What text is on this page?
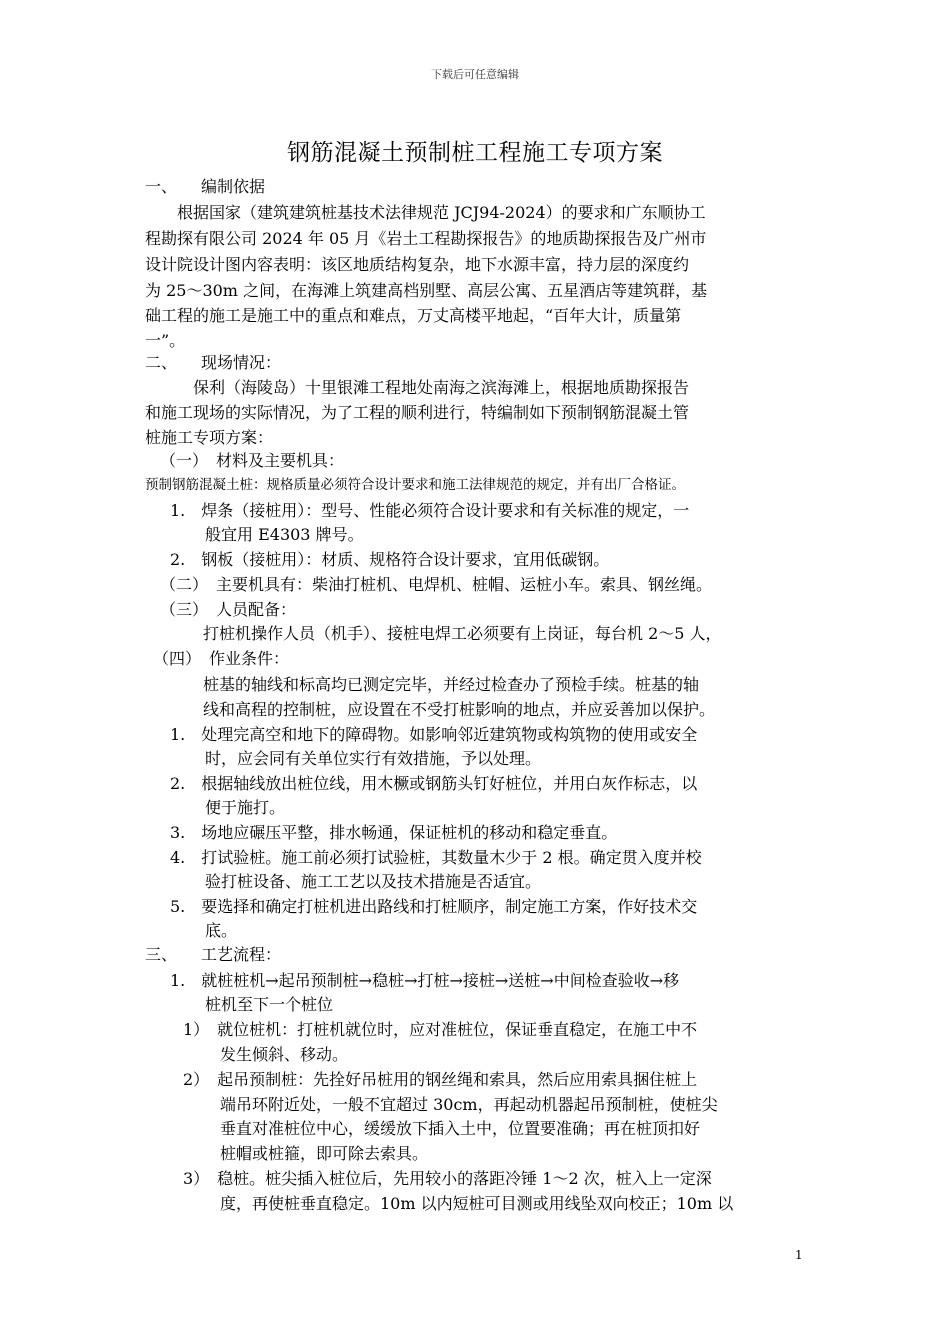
下载后可任意编辑
钢筋混凝土预制桩工程施工专项方案
一、　　编制依据
　　根据国家（建筑建筑桩基技术法律规范 JCJ94-2024）的要求和广东顺协工
程勘探有限公司 2024 年 05 月《岩土工程勘探报告》的地质勘探报告及广州市
设计院设计图内容表明：该区地质结构复杂，地下水源丰富，持力层的深度约
为 25～30m 之间，在海滩上筑建高档别墅、高层公寓、五星酒店等建筑群，基
础工程的施工是施工中的重点和难点，万丈高楼平地起，“百年大计，质量第
一”。
二、　　现场情况：
　　　保利（海陵岛）十里银滩工程地处南海之滨海滩上，根据地质勘探报告
和施工现场的实际情况，为了工程的顺利进行，特编制如下预制钢筋混凝土管
桩施工专项方案：
（一）　材料及主要机具：
预制钢筋混凝土桩：规格质量必须符合设计要求和施工法律规范的规定，并有出厂合格证。
1.　焊条（接桩用）：型号、性能必须符合设计要求和有关标准的规定，一
般宜用 E4303 牌号。
2.　钢板（接桩用）：材质、规格符合设计要求，宜用低碳钢。
（二）　主要机具有：柴油打桩机、电焊机、桩帽、运桩小车。索具、钢丝绳。
（三）　人员配备：
打桩机操作人员（机手）、接桩电焊工必须要有上岗证，每台机 2～5 人，
（四）　作业条件：
桩基的轴线和标高均已测定完毕，并经过检查办了预检手续。桩基的轴
线和高程的控制桩，应设置在不受打桩影响的地点，并应妥善加以保护。
1.　处理完高空和地下的障碍物。如影响邻近建筑物或构筑物的使用或安全
时，应会同有关单位实行有效措施，予以处理。
2.　根据轴线放出桩位线，用木橛或钢筋头钉好桩位，并用白灰作标志，以
便于施打。
3.　场地应碾压平整，排水畅通，保证桩机的移动和稳定垂直。
4.　打试验桩。施工前必须打试验桩，其数量木少于 2 根。确定贯入度并校
验打桩设备、施工工艺以及技术措施是否适宜。
5.　要选择和确定打桩机进出路线和打桩顺序，制定施工方案，作好技术交
底。
三、　　工艺流程：
1.　就桩桩机→起吊预制桩→稳桩→打桩→接桩→送桩→中间检查验收→移
桩机至下一个桩位
1）　就位桩机：打桩机就位时，应对准桩位，保证垂直稳定，在施工中不
发生倾斜、移动。
2）　起吊预制桩：先拴好吊桩用的钢丝绳和索具，然后应用索具捆住桩上
端吊环附近处，一般不宜超过 30cm，再起动机器起吊预制桩，使桩尖
垂直对准桩位中心，缓缓放下插入土中，位置要准确；再在桩顶扣好
桩帽或桩箍，即可除去索具。
3）　稳桩。桩尖插入桩位后，先用较小的落距冷锤 1～2 次，桩入上一定深
度，再使桩垂直稳定。10m 以内短桩可目测或用线坠双向校正；10m 以
1
